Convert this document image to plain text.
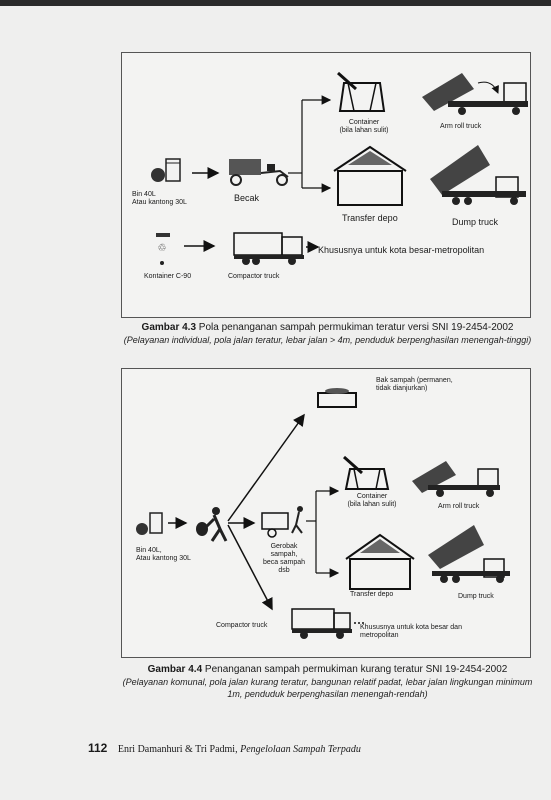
♲
Bin 40L
Atau kantong 30L	Becak
Container
(bila lahan sulit)
Arm roll truck
Transfer depo	Dump truck
Kontainer C-90	Compactor truck
Khususnya untuk kota besar-metropolitan
Gambar 4.3 Pola penanganan sampah permukiman teratur versi SNI 19-2454-2002
(Pelayanan individual, pola jalan teratur, lebar jalan > 4m, penduduk berpenghasilan menengah-tinggi)
Bak sampah (permanen,
tidak dianjurkan)
Container
(bila lahan sulit)	Arm roll truck
Bin 40L,
Atau kantong 30L
Gerobak
sampah,
beca sampah
dsb
Transfer depo	Dump truck
Compactor truck	Khususnya untuk kota besar dan
metropolitan
Gambar 4.4 Penanganan sampah permukiman kurang teratur SNI 19-2454-2002
(Pelayanan komunal, pola jalan kurang teratur, bangunan relatif padat, lebar jalan lingkungan minimum 1m, penduduk berpenghasilan menengah-rendah)
112 Enri Damanhuri & Tri Padmi, Pengelolaan Sampah Terpadu
